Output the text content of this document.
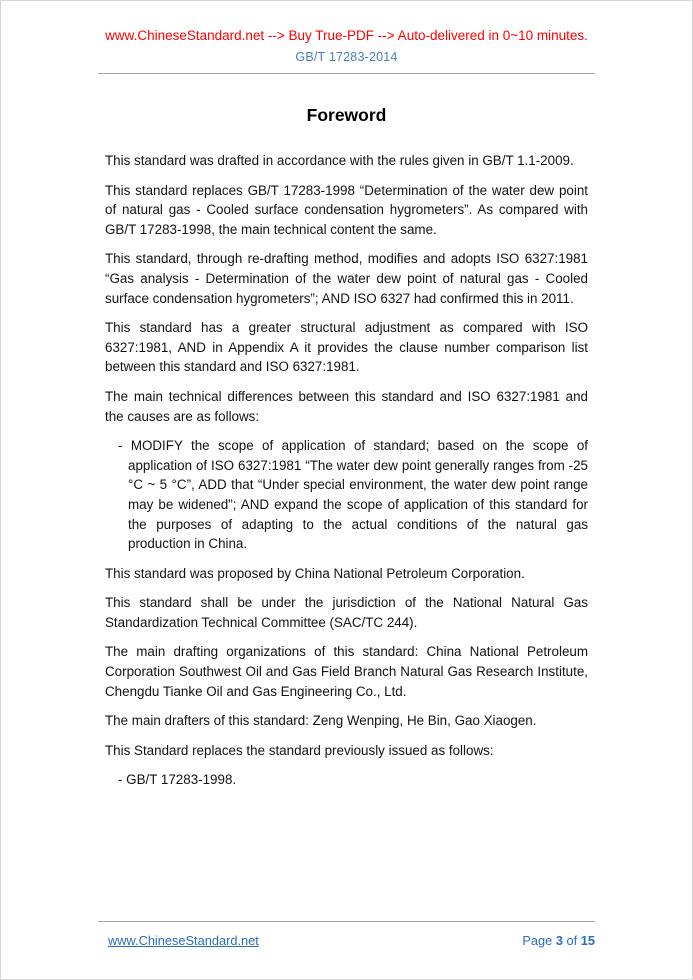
www.ChineseStandard.net --> Buy True-PDF --> Auto-delivered in 0~10 minutes.
GB/T 17283-2014
Foreword
This standard was drafted in accordance with the rules given in GB/T 1.1-2009.
This standard replaces GB/T 17283-1998 “Determination of the water dew point of natural gas - Cooled surface condensation hygrometers”. As compared with GB/T 17283-1998, the main technical content the same.
This standard, through re-drafting method, modifies and adopts ISO 6327:1981 “Gas analysis - Determination of the water dew point of natural gas - Cooled surface condensation hygrometers”; AND ISO 6327 had confirmed this in 2011.
This standard has a greater structural adjustment as compared with ISO 6327:1981, AND in Appendix A it provides the clause number comparison list between this standard and ISO 6327:1981.
The main technical differences between this standard and ISO 6327:1981 and the causes are as follows:
- MODIFY the scope of application of standard; based on the scope of application of ISO 6327:1981 “The water dew point generally ranges from -25 °C ~ 5 °C”, ADD that “Under special environment, the water dew point range may be widened”; AND expand the scope of application of this standard for the purposes of adapting to the actual conditions of the natural gas production in China.
This standard was proposed by China National Petroleum Corporation.
This standard shall be under the jurisdiction of the National Natural Gas Standardization Technical Committee (SAC/TC 244).
The main drafting organizations of this standard: China National Petroleum Corporation Southwest Oil and Gas Field Branch Natural Gas Research Institute, Chengdu Tianke Oil and Gas Engineering Co., Ltd.
The main drafters of this standard: Zeng Wenping, He Bin, Gao Xiaogen.
This Standard replaces the standard previously issued as follows:
- GB/T 17283-1998.
www.ChineseStandard.net	Page 3 of 15
